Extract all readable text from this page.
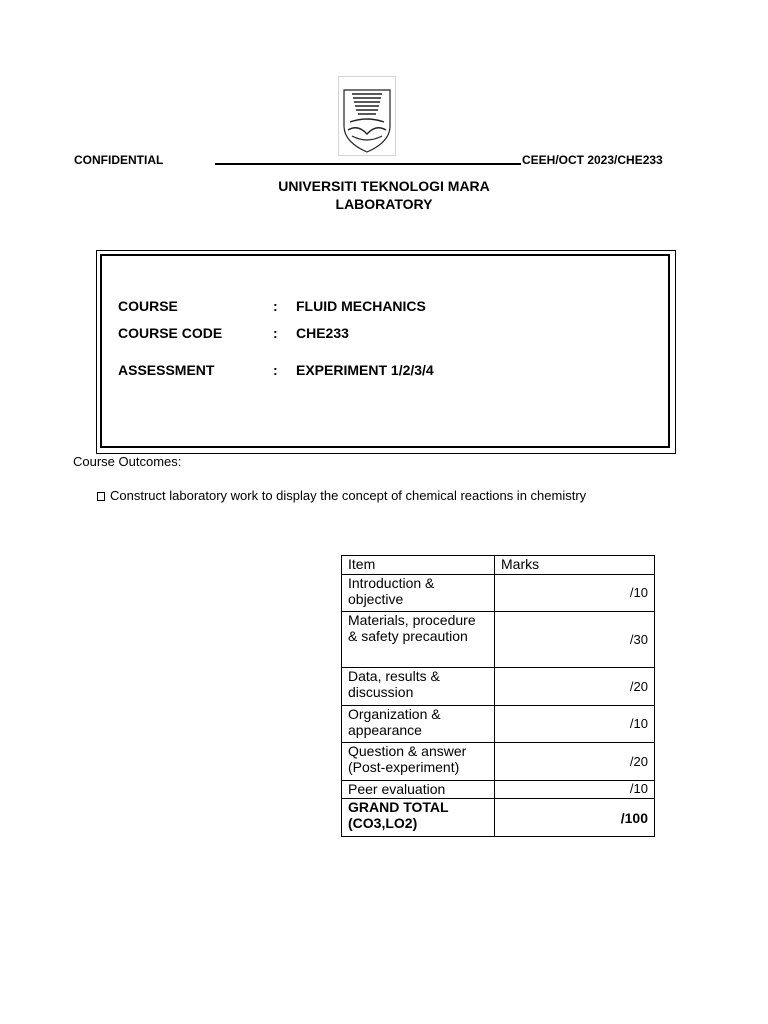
CONFIDENTIAL	CEEH/OCT 2023/CHE233
UNIVERSITI TEKNOLOGI MARA
LABORATORY
COURSE	: FLUID MECHANICS
COURSE CODE	: CHE233
ASSESSMENT	: EXPERIMENT 1/2/3/4
Course Outcomes:
Construct laboratory work to display the concept of chemical reactions in chemistry
Item	Marks

Introduction &
objective	/10

Materials, procedure
& safety precaution	/30

Data, results &
discussion	/20

Organization &
appearance	/10

Question & answer
(Post-experiment)	/20

Peer evaluation	/10

GRAND TOTAL
(CO3,LO2)	/100
